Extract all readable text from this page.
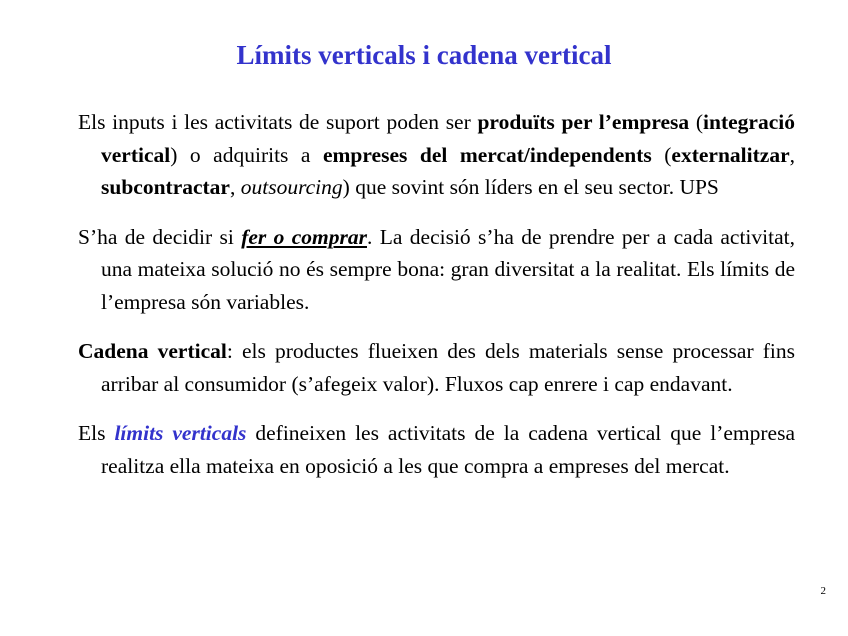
Límits verticals i cadena vertical

Els inputs i les activitats de suport poden ser produïts per l’empresa (integració vertical) o adquirits a empreses del mercat/independents (externalitzar, subcontractar, outsourcing) que sovint són líders en el seu sector. UPS

S’ha de decidir si fer o comprar. La decisió s’ha de prendre per a cada activitat, una mateixa solució no és sempre bona: gran diversitat a la realitat. Els límits de l’empresa són variables.

Cadena vertical: els productes flueixen des dels materials sense processar fins arribar al consumidor (s’afegeix valor). Fluxos cap enrere i cap endavant.

Els límits verticals defineixen les activitats de la cadena vertical que l’empresa realitza ella mateixa en oposició a les que compra a empreses del mercat.

2
